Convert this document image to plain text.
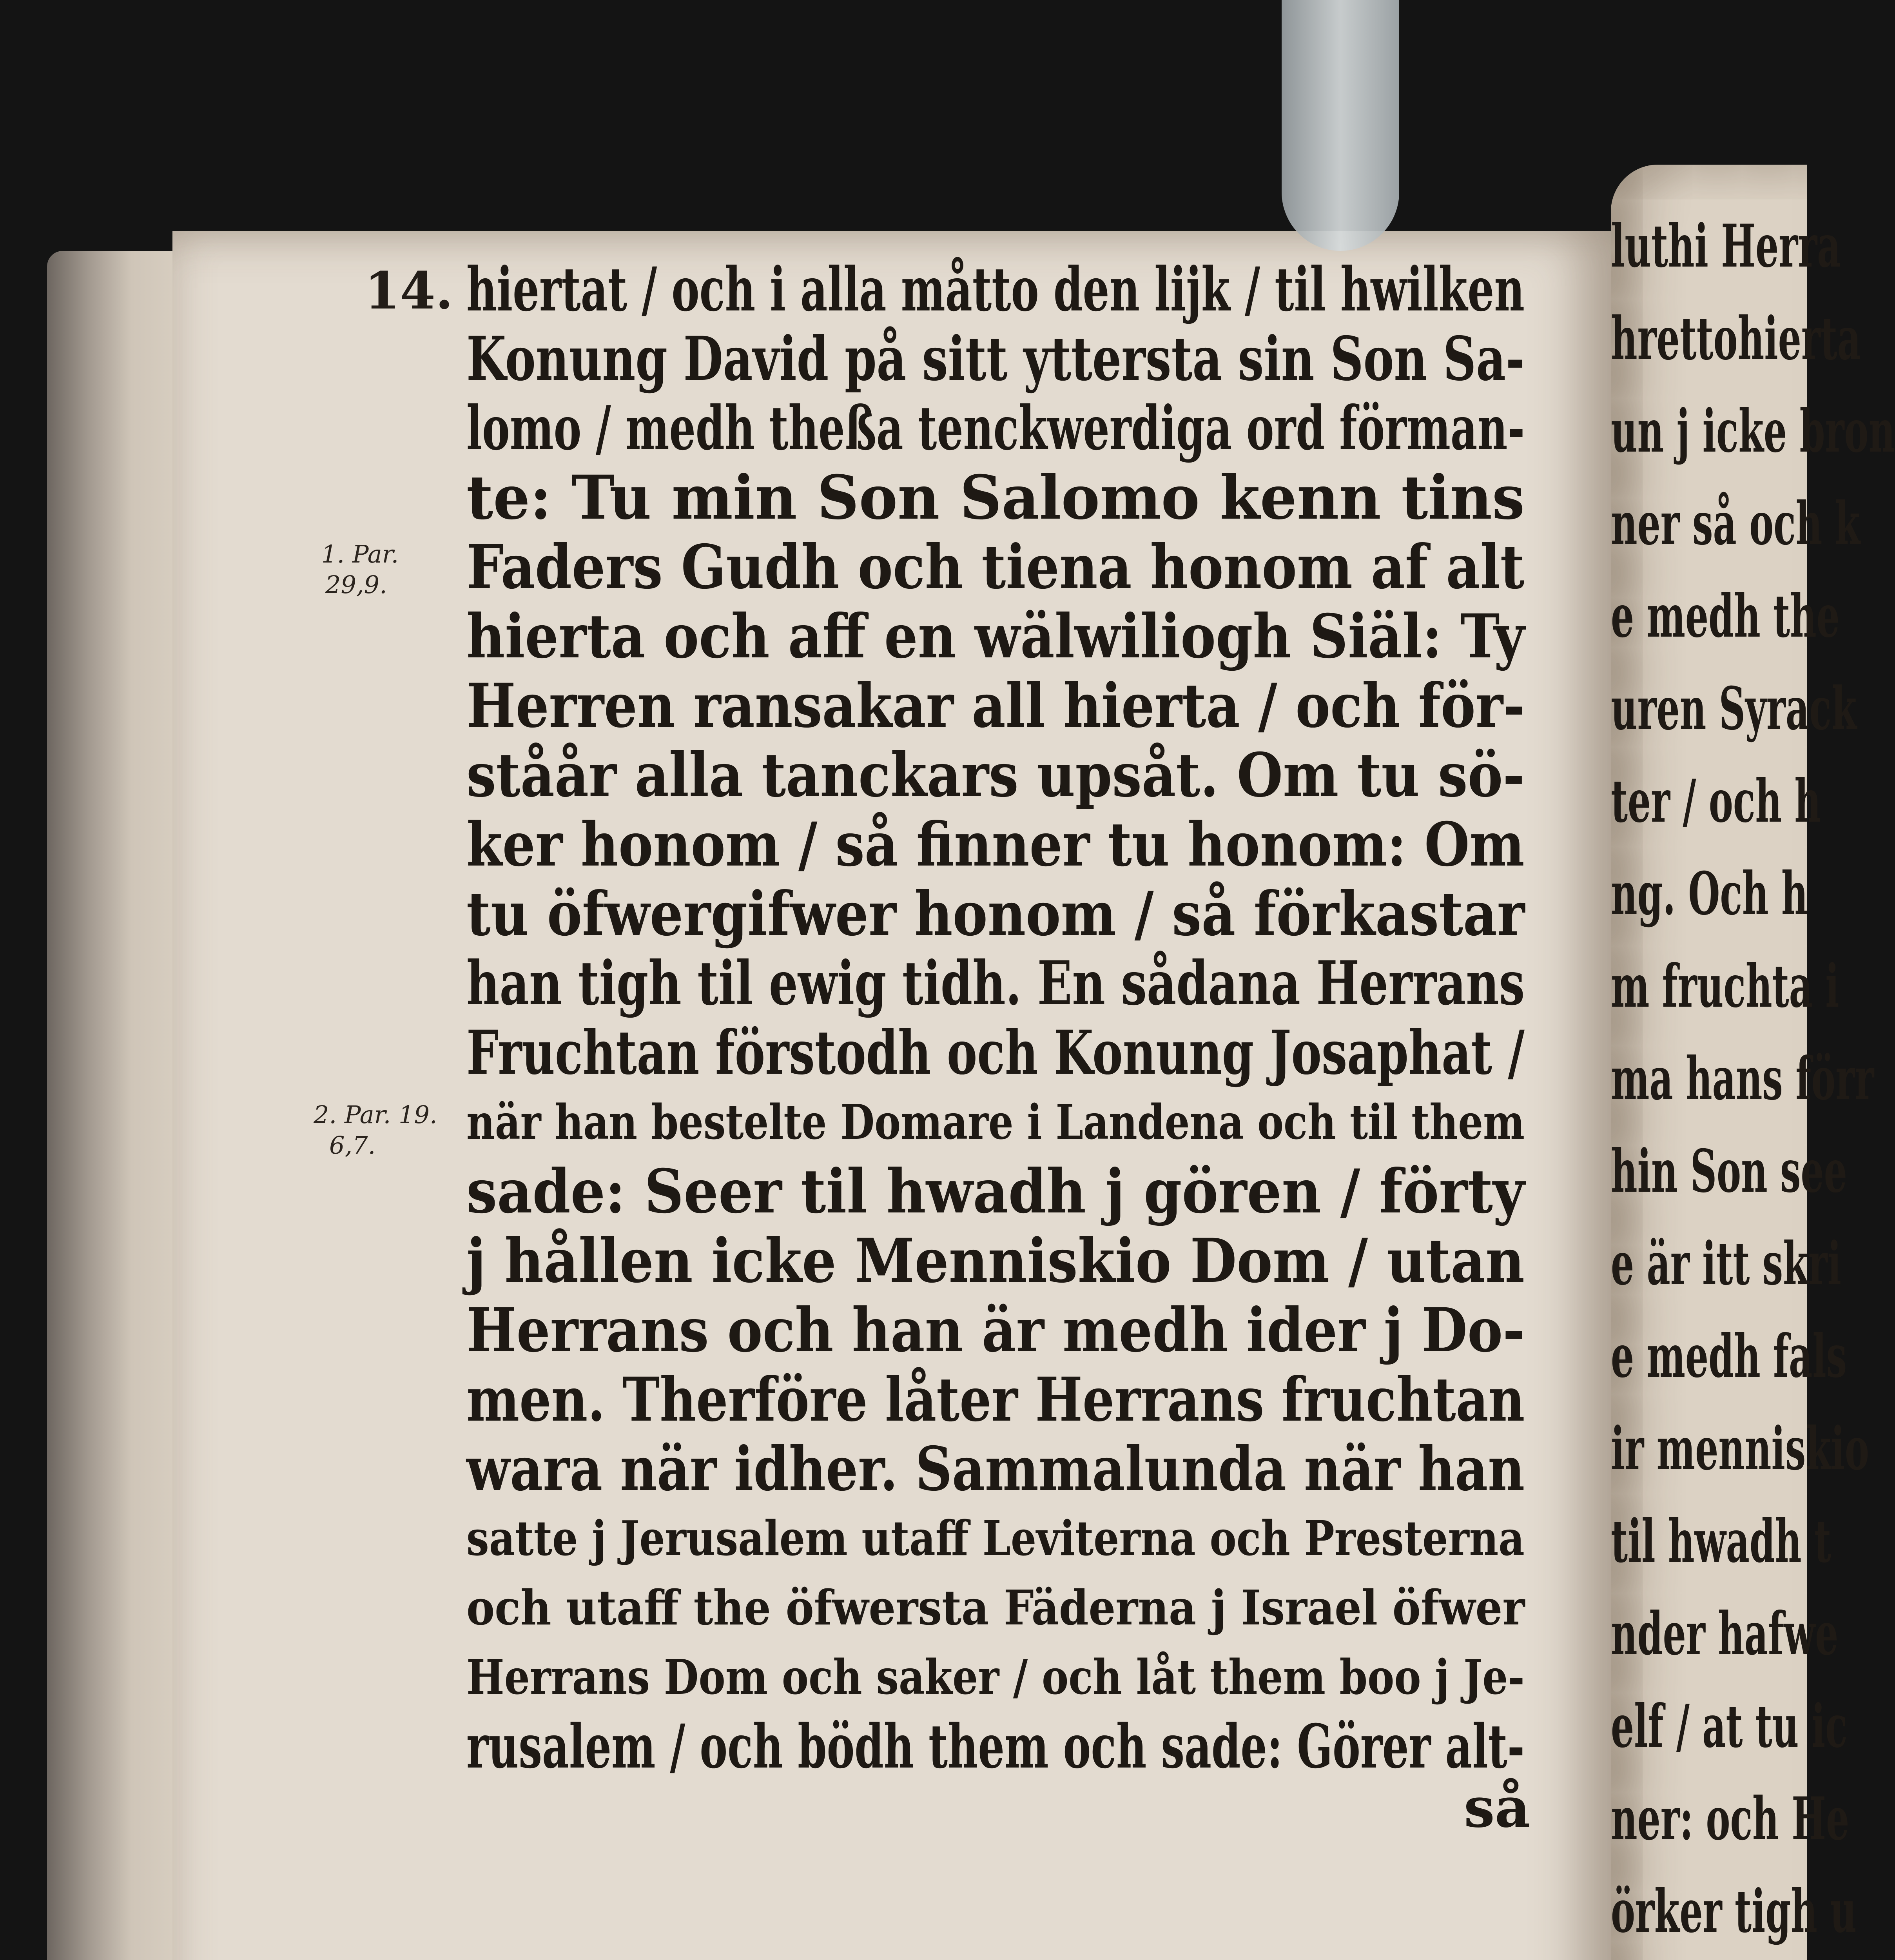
luthi Herra
hrettohierta
un j icke bron
ner så och k
e medh the
uren Syrack
ter / och h
ng. Och h
m fruchta i
ma hans förr
hin Son see
e är itt skri
e medh fals
ir menniskio
til hwadh t
nder hafwe
elf / at tu ic
ner: och He
örker tigh u
14.
1. Par.
29,9.
2. Par. 19.
6,7.
hiertat / och i alla måtto den lijk / til hwilken
Konung David på sitt yttersta sin Son Sa-
lomo / medh theßa tenckwerdiga ord förman-
te: Tu min Son Salomo kenn tins
Faders Gudh och tiena honom af alt
hierta och aff en wälwiliogh Siäl: Ty
Herren ransakar all hierta / och för-
ståår alla tanckars upsåt. Om tu sö-
ker honom / så finner tu honom: Om
tu öfwergifwer honom / så förkastar
han tigh til ewig tidh. En sådana Herrans
Fruchtan förstodh och Konung Josaphat /
när han bestelte Domare i Landena och til them
sade: Seer til hwadh j gören / förty
j hållen icke Menniskio Dom / utan
Herrans och han är medh ider j Do-
men. Therföre låter Herrans fruchtan
wara när idher. Sammalunda när han
satte j Jerusalem utaff Leviterna och Presterna
och utaff the öfwersta Fäderna j Israel öfwer
Herrans Dom och saker / och låt them boo j Je-
rusalem / och bödh them och sade: Görer alt-
så
